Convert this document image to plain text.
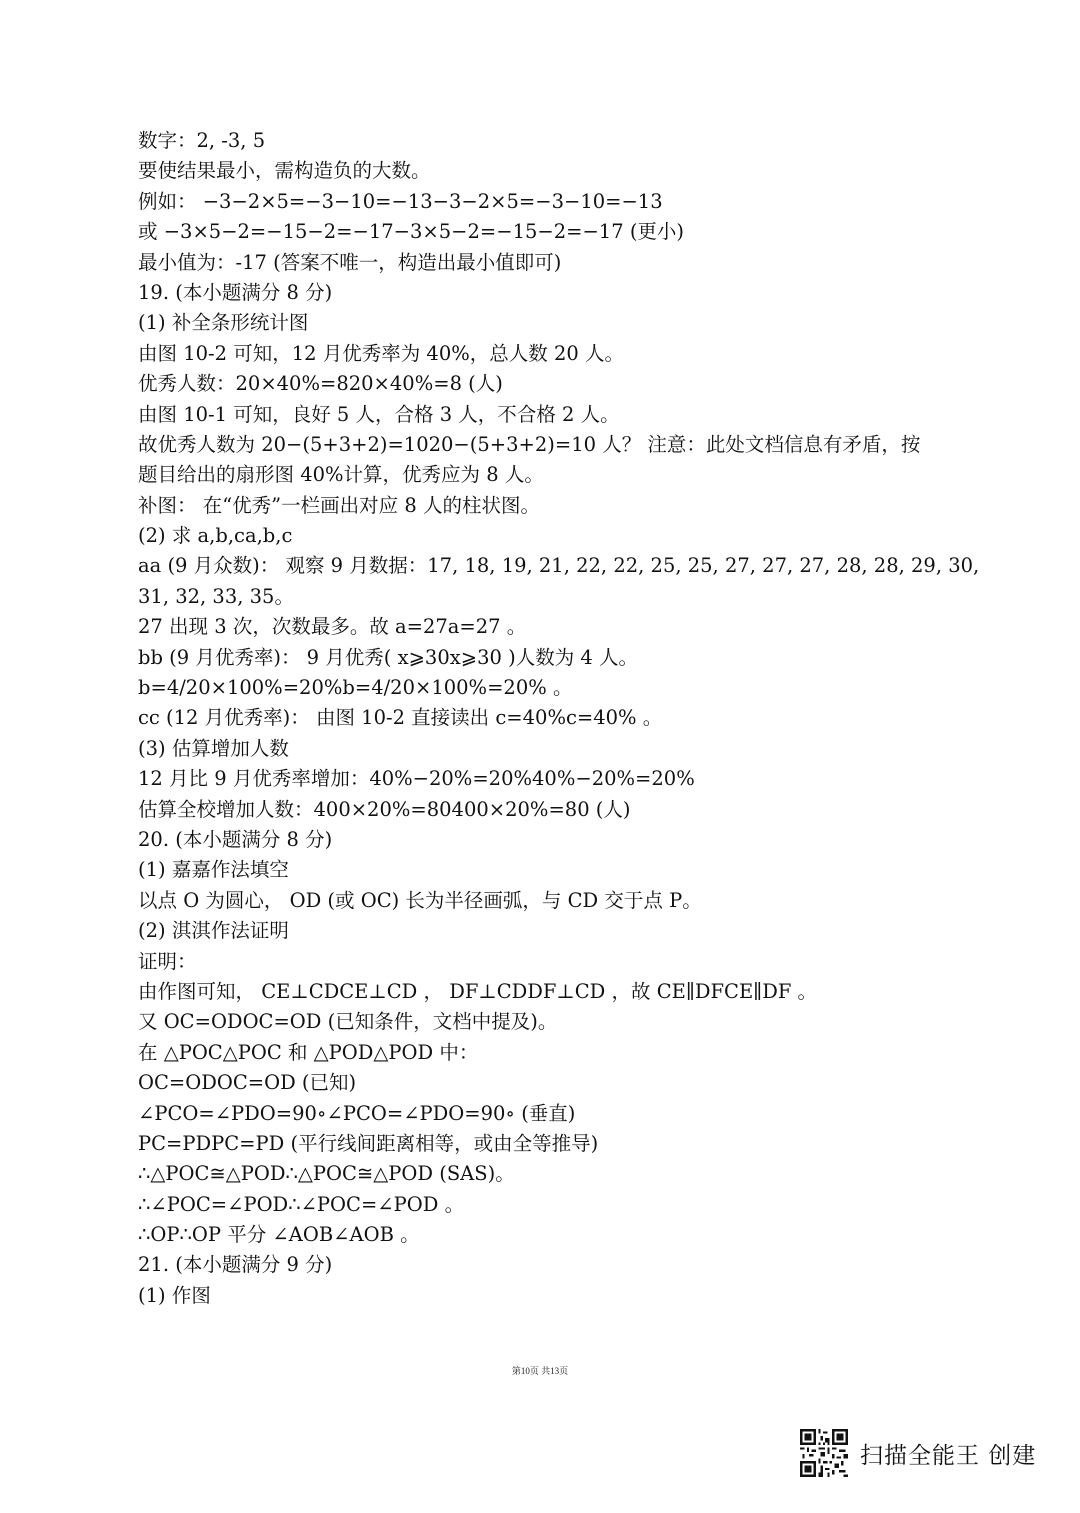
数字：2, -3, 5
要使结果最小，需构造负的大数。
例如： −3−2×5=−3−10=−13−3−2×5=−3−10=−13
或 −3×5−2=−15−2=−17−3×5−2=−15−2=−17 (更小)
最小值为：-17 (答案不唯一，构造出最小值即可)
19. (本小题满分 8 分)
(1) 补全条形统计图
由图 10-2 可知，12 月优秀率为 40%，总人数 20 人。
优秀人数：20×40%=820×40%=8 (人)
由图 10-1 可知，良好 5 人，合格 3 人，不合格 2 人。
故优秀人数为 20−(5+3+2)=1020−(5+3+2)=10 人？ 注意：此处文档信息有矛盾，按
题目给出的扇形图 40%计算，优秀应为 8 人。
补图： 在“优秀”一栏画出对应 8 人的柱状图。
(2) 求 a,b,ca,b,c
aa (9 月众数)： 观察 9 月数据：17, 18, 19, 21, 22, 22, 25, 25, 27, 27, 27, 28, 28, 29, 30,
31, 32, 33, 35。
27 出现 3 次，次数最多。故 a=27a=27 。
bb (9 月优秀率)： 9 月优秀( x⩾30x⩾30 )人数为 4 人。
b=4/20×100%=20%b=4/20×100%=20% 。
cc (12 月优秀率)： 由图 10-2 直接读出 c=40%c=40% 。
(3) 估算增加人数
12 月比 9 月优秀率增加：40%−20%=20%40%−20%=20%
估算全校增加人数：400×20%=80400×20%=80 (人)
20. (本小题满分 8 分)
(1) 嘉嘉作法填空
以点 O 为圆心， OD (或 OC) 长为半径画弧，与 CD 交于点 P。
(2) 淇淇作法证明
证明：
由作图可知， CE⊥CDCE⊥CD ， DF⊥CDDF⊥CD ，故 CE∥DFCE∥DF 。
又 OC=ODOC=OD (已知条件，文档中提及)。
在 △POC△POC 和 △POD△POD 中：
OC=ODOC=OD (已知)
∠PCO=∠PDO=90∘∠PCO=∠PDO=90∘ (垂直)
PC=PDPC=PD (平行线间距离相等，或由全等推导)
∴△POC≅△POD∴△POC≅△POD (SAS)。
∴∠POC=∠POD∴∠POC=∠POD 。
∴OP∴OP 平分 ∠AOB∠AOB 。
21. (本小题满分 9 分)
(1) 作图
第10页 共13页
扫描全能王 创建
